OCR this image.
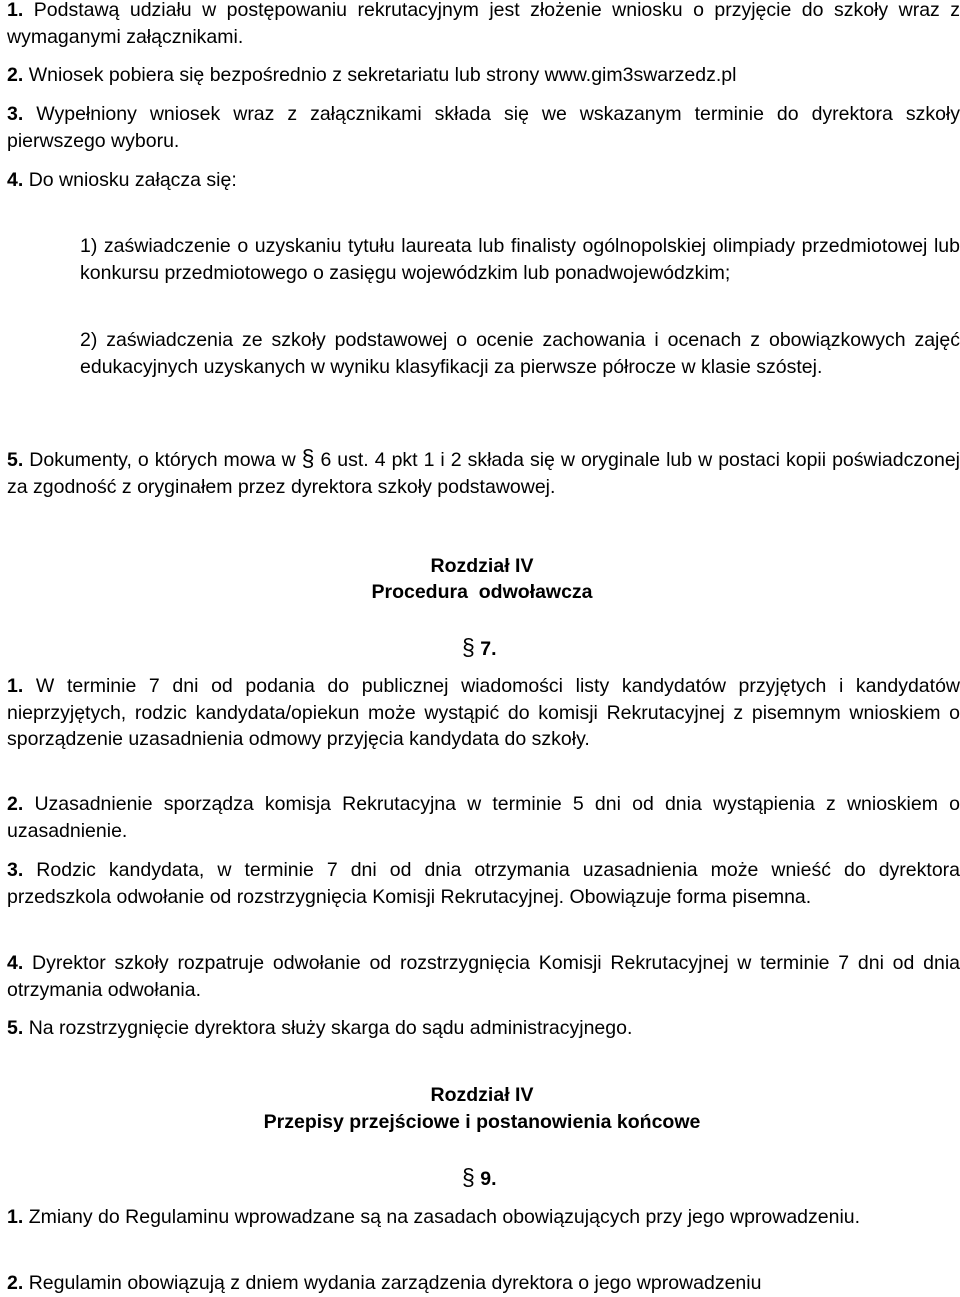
1. Podstawą udziału w postępowaniu rekrutacyjnym jest złożenie wniosku o przyjęcie do szkoły wraz z wymaganymi załącznikami.

2. Wniosek pobiera się bezpośrednio z sekretariatu lub strony www.gim3swarzedz.pl

3. Wypełniony wniosek wraz z załącznikami składa się we wskazanym terminie do dyrektora szkoły pierwszego wyboru.

4. Do wniosku załącza się:

1) zaświadczenie o uzyskaniu tytułu laureata lub finalisty ogólnopolskiej olimpiady przedmiotowej lub konkursu przedmiotowego o zasięgu wojewódzkim lub ponadwojewódzkim;

2) zaświadczenia ze szkoły podstawowej o ocenie zachowania i ocenach z obowiązkowych zajęć edukacyjnych uzyskanych w wyniku klasyfikacji za pierwsze półrocze w klasie szóstej.

5. Dokumenty, o których mowa w § 6 ust. 4 pkt 1 i 2 składa się w oryginale lub w postaci kopii poświadczonej za zgodność z oryginałem przez dyrektora szkoły podstawowej.

Rozdział IV

Procedura  odwoławcza

§ 7.

1. W terminie 7 dni od podania do publicznej wiadomości listy kandydatów przyjętych i kandydatów nieprzyjętych, rodzic kandydata/opiekun może wystąpić do komisji Rekrutacyjnej z pisemnym wnioskiem o sporządzenie uzasadnienia odmowy przyjęcia kandydata do szkoły.

2. Uzasadnienie sporządza komisja Rekrutacyjna w terminie 5 dni od dnia wystąpienia z wnioskiem o uzasadnienie.

3. Rodzic kandydata, w terminie 7 dni od dnia otrzymania uzasadnienia może wnieść do dyrektora przedszkola odwołanie od rozstrzygnięcia Komisji Rekrutacyjnej. Obowiązuje forma pisemna.

4. Dyrektor szkoły rozpatruje odwołanie od rozstrzygnięcia Komisji Rekrutacyjnej w terminie 7 dni od dnia otrzymania odwołania.

5. Na rozstrzygnięcie dyrektora służy skarga do sądu administracyjnego.

Rozdział IV

Przepisy przejściowe i postanowienia końcowe

§ 9.

1. Zmiany do Regulaminu wprowadzane są na zasadach obowiązujących przy jego wprowadzeniu.

2. Regulamin obowiązują z dniem wydania zarządzenia dyrektora o jego wprowadzeniu
